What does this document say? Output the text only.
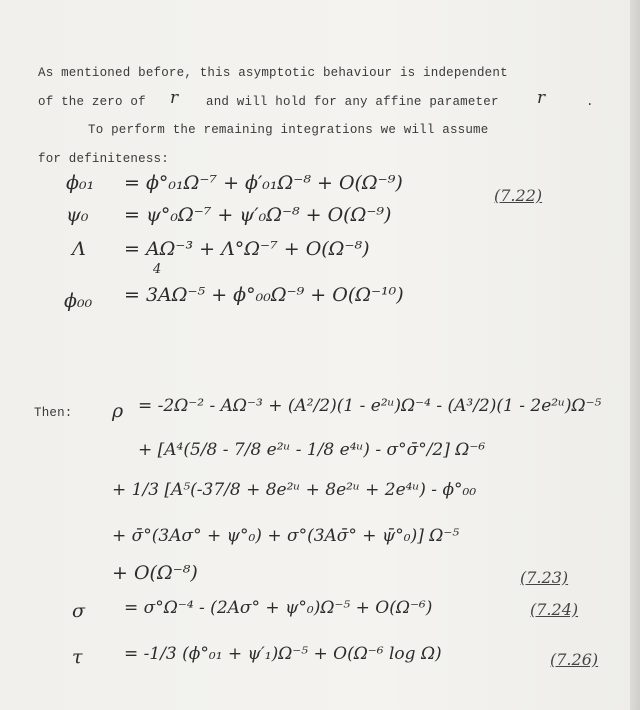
As mentioned before, this asymptotic behaviour is independent
of the zero of r and will hold for any affine parameter r	.
To perform the remaining integrations we will assume
for definiteness:
ϕ₀₁ = ϕ°₀₁Ω⁻⁷ + ϕ′₀₁Ω⁻⁸ + O(Ω⁻⁹)
ψ₀ = ψ°₀Ω⁻⁷ + ψ′₀Ω⁻⁸ + O(Ω⁻⁹)
(7.22)
Λ = AΩ⁻³ + Λ°Ω⁻⁷ + O(Ω⁻⁸)
4
ϕ₀₀ = 3AΩ⁻⁵ + ϕ°₀₀Ω⁻⁹ + O(Ω⁻¹⁰)
Then: ρ = -2Ω⁻² - AΩ⁻³ + (A²/2)(1 - e²ᵘ)Ω⁻⁴ - (A³/2)(1 - 2e²ᵘ)Ω⁻⁵
+ [A⁴(5/8 - 7/8 e²ᵘ - 1/8 e⁴ᵘ) - σ°σ̄°/2] Ω⁻⁶
+ 1/3 [A⁵(-37/8 + 8e²ᵘ + 8e²ᵘ + 2e⁴ᵘ) - ϕ°₀₀
+ σ̄°(3Aσ° + ψ°₀) + σ°(3Aσ̄° + ψ̄°₀)] Ω⁻⁵
+ O(Ω⁻⁸)	(7.23)
σ = σ°Ω⁻⁴ - (2Aσ° + ψ°₀)Ω⁻⁵ + O(Ω⁻⁶)	(7.24)
τ = -1/3 (ϕ°₀₁ + ψ′₁)Ω⁻⁵ + O(Ω⁻⁶ log Ω)	(7.26)
